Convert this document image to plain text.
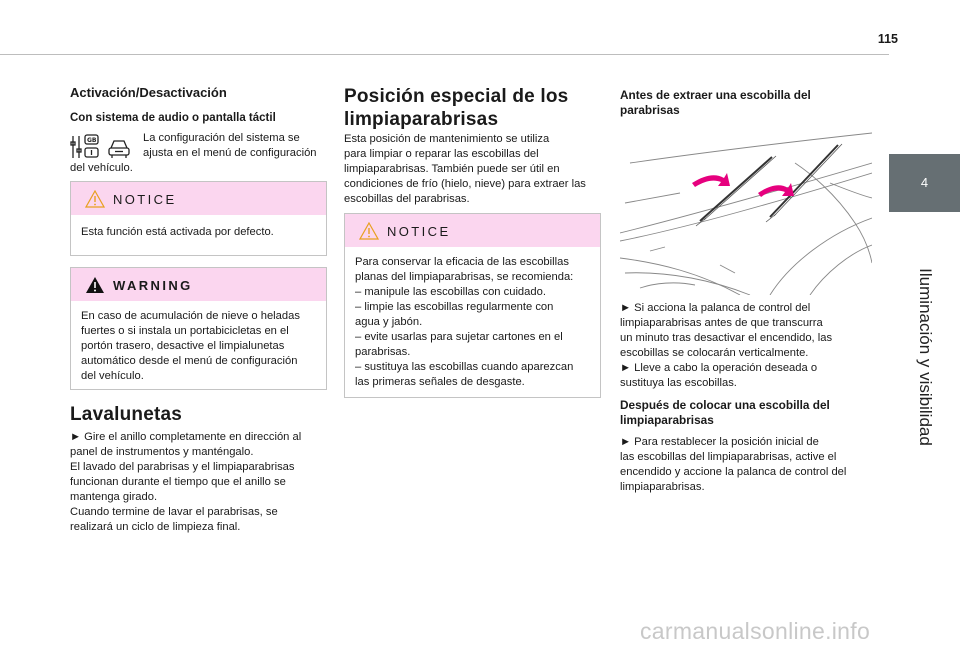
115
4
Iluminación y visibilidad
Activación/Desactivación
Con sistema de audio o pantalla táctil
GB	La configuración del sistema se
ajusta en el menú de configuración
del vehículo.
NOTICE
Esta función está activada por defecto.
WARNING
En caso de acumulación de nieve o heladas
fuertes o si instala un portabicicletas en el
portón trasero, desactive el limpialunetas
automático desde el menú de configuración
del vehículo.
Lavalunetas
► Gire el anillo completamente en dirección al
panel de instrumentos y manténgalo.
El lavado del parabrisas y el limpiaparabrisas
funcionan durante el tiempo que el anillo se
mantenga girado.
Cuando termine de lavar el parabrisas, se
realizará un ciclo de limpieza final.
Posición especial de los
limpiaparabrisas
Esta posición de mantenimiento se utiliza
para limpiar o reparar las escobillas del
limpiaparabrisas. También puede ser útil en
condiciones de frío (hielo, nieve) para extraer las
escobillas del parabrisas.
NOTICE
Para conservar la eficacia de las escobillas
planas del limpiaparabrisas, se recomienda:
– manipule las escobillas con cuidado.
– limpie las escobillas regularmente con
agua y jabón.
– evite usarlas para sujetar cartones en el
parabrisas.
– sustituya las escobillas cuando aparezcan
las primeras señales de desgaste.
Antes de extraer una escobilla del
parabrisas
► Si acciona la palanca de control del
limpiaparabrisas antes de que transcurra
un minuto tras desactivar el encendido, las
escobillas se colocarán verticalmente.
► Lleve a cabo la operación deseada o
sustituya las escobillas.
Después de colocar una escobilla del
limpiaparabrisas
► Para restablecer la posición inicial de
las escobillas del limpiaparabrisas, active el
encendido y accione la palanca de control del
limpiaparabrisas.
carmanualsonline.info
